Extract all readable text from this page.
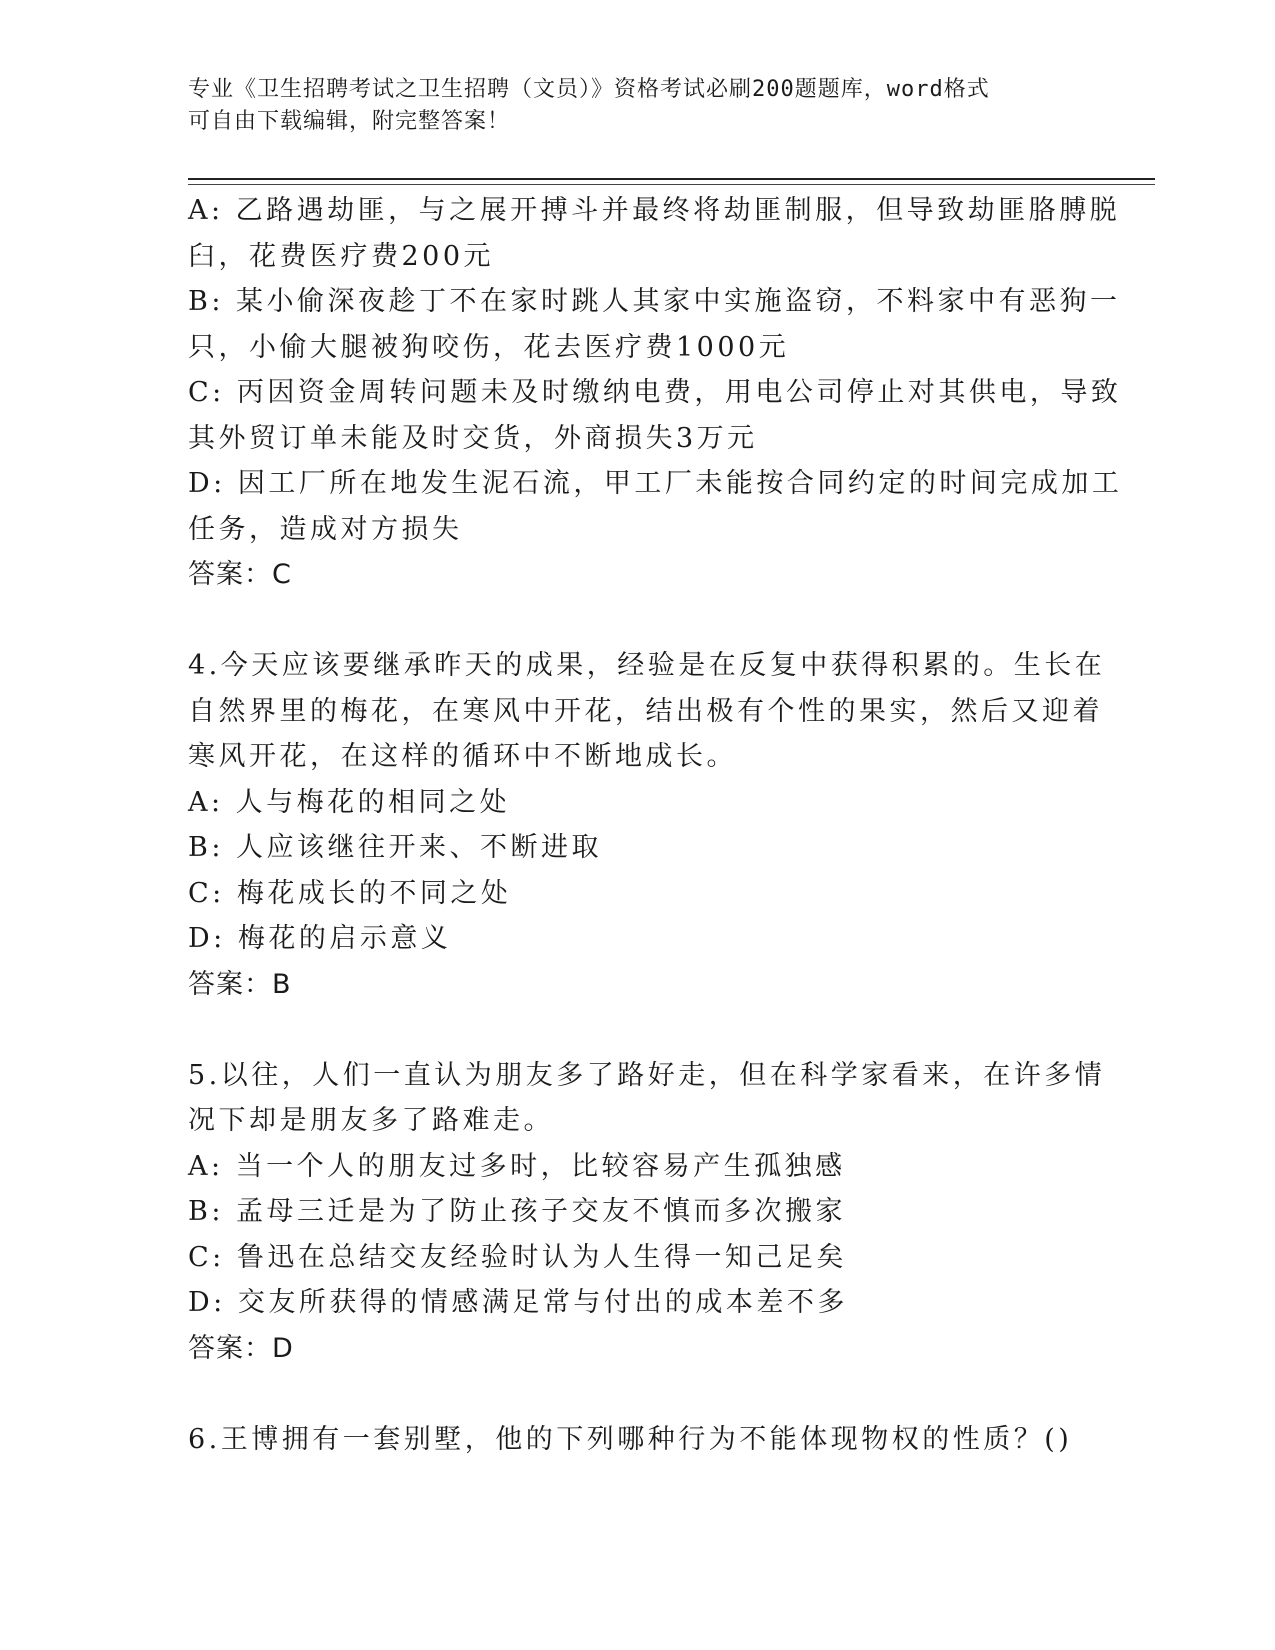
专业《卫生招聘考试之卫生招聘（文员）》资格考试必刷200题题库，word格式
可自由下载编辑，附完整答案！
A: 乙路遇劫匪，与之展开搏斗并最终将劫匪制服，但导致劫匪胳膊脱
臼，花费医疗费200元
B: 某小偷深夜趁丁不在家时跳人其家中实施盗窃，不料家中有恶狗一
只，小偷大腿被狗咬伤，花去医疗费1000元
C: 丙因资金周转问题未及时缴纳电费，用电公司停止对其供电，导致
其外贸订单未能及时交货，外商损失3万元
D: 因工厂所在地发生泥石流，甲工厂未能按合同约定的时间完成加工
任务，造成对方损失
答案：C
4.今天应该要继承昨天的成果，经验是在反复中获得积累的。生长在
自然界里的梅花，在寒风中开花，结出极有个性的果实，然后又迎着
寒风开花，在这样的循环中不断地成长。
A: 人与梅花的相同之处
B: 人应该继往开来、不断进取
C: 梅花成长的不同之处
D: 梅花的启示意义
答案：B
5.以往，人们一直认为朋友多了路好走，但在科学家看来，在许多情
况下却是朋友多了路难走。
A: 当一个人的朋友过多时，比较容易产生孤独感
B: 孟母三迁是为了防止孩子交友不慎而多次搬家
C: 鲁迅在总结交友经验时认为人生得一知己足矣
D: 交友所获得的情感满足常与付出的成本差不多
答案：D
6.王博拥有一套别墅，他的下列哪种行为不能体现物权的性质？()
